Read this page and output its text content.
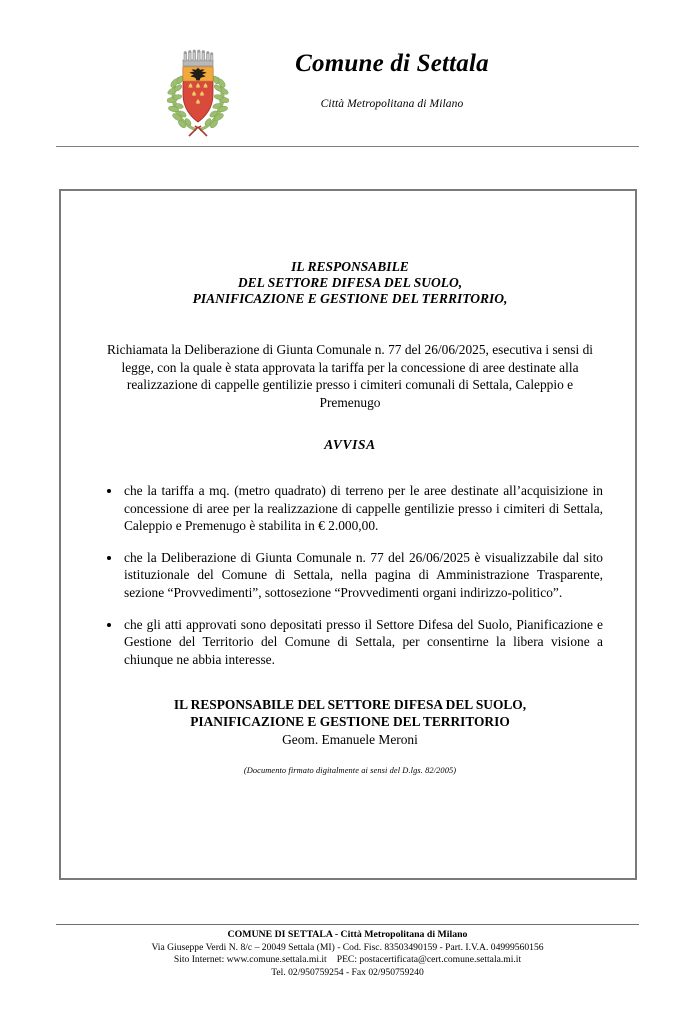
Comune di Settala
Città Metropolitana di Milano
IL RESPONSABILE
DEL SETTORE DIFESA DEL SUOLO,
PIANIFICAZIONE E GESTIONE DEL TERRITORIO,
Richiamata la Deliberazione di Giunta Comunale n. 77 del 26/06/2025, esecutiva i sensi di legge, con la quale è stata approvata la tariffa per la concessione di aree destinate alla realizzazione di cappelle gentilizie presso i cimiteri comunali di Settala, Caleppio e Premenugo
AVVISA
che la tariffa a mq. (metro quadrato) di terreno per le aree destinate all’acquisizione in concessione di aree per la realizzazione di cappelle gentilizie presso i cimiteri di Settala, Caleppio e Premenugo è stabilita in € 2.000,00.
che la Deliberazione di Giunta Comunale n. 77 del 26/06/2025 è visualizzabile dal sito istituzionale del Comune di Settala, nella pagina di Amministrazione Trasparente, sezione “Provvedimenti”, sottosezione “Provvedimenti organi indirizzo-politico”.
che gli atti approvati sono depositati presso il Settore Difesa del Suolo, Pianificazione e Gestione del Territorio del Comune di Settala, per consentirne la libera visione a chiunque ne abbia interesse.
IL RESPONSABILE DEL SETTORE DIFESA DEL SUOLO,
PIANIFICAZIONE E GESTIONE DEL TERRITORIO
Geom. Emanuele Meroni
(Documento firmato digitalmente ai sensi del D.lgs. 82/2005)
COMUNE DI SETTALA - Città Metropolitana di Milano
Via Giuseppe Verdi N. 8/c – 20049 Settala (MI) - Cod. Fisc. 83503490159 - Part. I.V.A. 04999560156
Sito Internet: www.comune.settala.mi.it PEC: postacertificata@cert.comune.settala.mi.it
Tel. 02/950759254 - Fax 02/950759240
